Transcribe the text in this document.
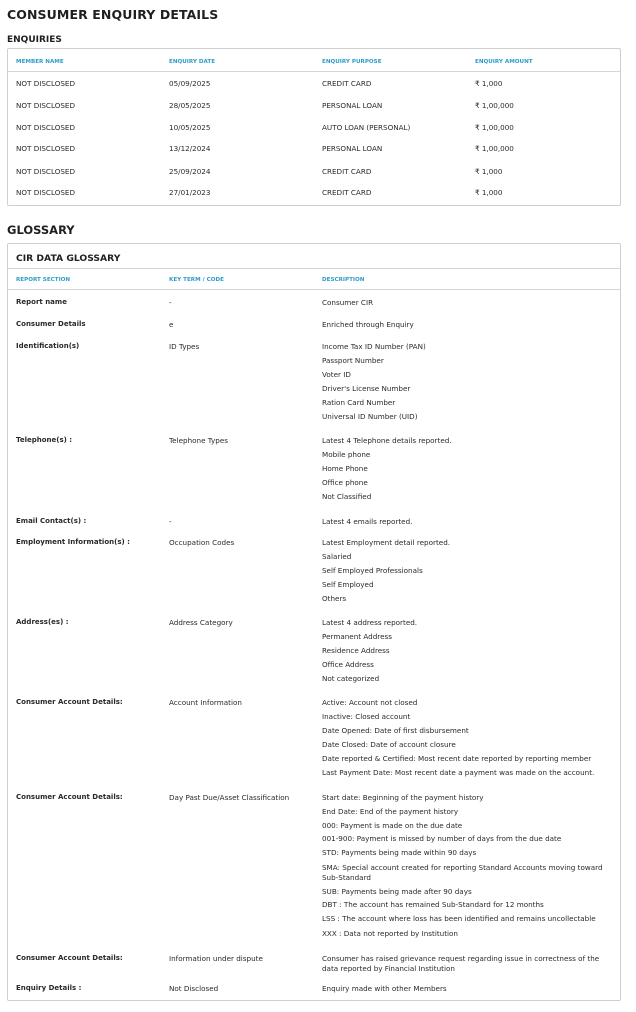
CONSUMER ENQUIRY DETAILS
ENQUIRIES
MEMBER NAME	ENQUIRY DATE	ENQUIRY PURPOSE	ENQUIRY AMOUNT
NOT DISCLOSED	05/09/2025	CREDIT CARD	₹ 1,000
NOT DISCLOSED	28/05/2025	PERSONAL LOAN	₹ 1,00,000
NOT DISCLOSED	10/05/2025	AUTO LOAN (PERSONAL)	₹ 1,00,000
NOT DISCLOSED	13/12/2024	PERSONAL LOAN	₹ 1,00,000
NOT DISCLOSED	25/09/2024	CREDIT CARD	₹ 1,000
NOT DISCLOSED	27/01/2023	CREDIT CARD	₹ 1,000
GLOSSARY
CIR DATA GLOSSARY
REPORT SECTION	KEY TERM / CODE	DESCRIPTION
Report name	-	Consumer CIR
Consumer Details	e	Enriched through Enquiry
Identification(s)	ID Types	Income Tax ID Number (PAN)
Passport Number
Voter ID
Driver's License Number
Ration Card Number
Universal ID Number (UID)
Telephone(s) :	Telephone Types	Latest 4 Telephone details reported.
Mobile phone
Home Phone
Office phone
Not Classified
Email Contact(s) :	-	Latest 4 emails reported.
Employment Information(s) :	Occupation Codes	Latest Employment detail reported.
Salaried
Self Employed Professionals
Self Employed
Others
Address(es) :	Address Category	Latest 4 address reported.
Permanent Address
Residence Address
Office Address
Not categorized
Consumer Account Details:	Account Information	Active: Account not closed
Inactive: Closed account
Date Opened: Date of first disbursement
Date Closed: Date of account closure
Date reported & Certified: Most recent date reported by reporting member
Last Payment Date: Most recent date a payment was made on the account.
Consumer Account Details:	Day Past Due/Asset Classification	Start date: Beginning of the payment history
End Date: End of the payment history
000: Payment is made on the due date
001-900: Payment is missed by number of days from the due date
STD: Payments being made within 90 days
SMA: Special account created for reporting Standard Accounts moving toward
Sub-Standard
SUB: Payments being made after 90 days
DBT : The account has remained Sub-Standard for 12 months
LSS : The account where loss has been identified and remains uncollectable
XXX : Data not reported by Institution
Consumer Account Details:	Information under dispute	Consumer has raised grievance request regarding issue in correctness of the
data reported by Financial Institution
Enquiry Details :	Not Disclosed	Enquiry made with other Members
